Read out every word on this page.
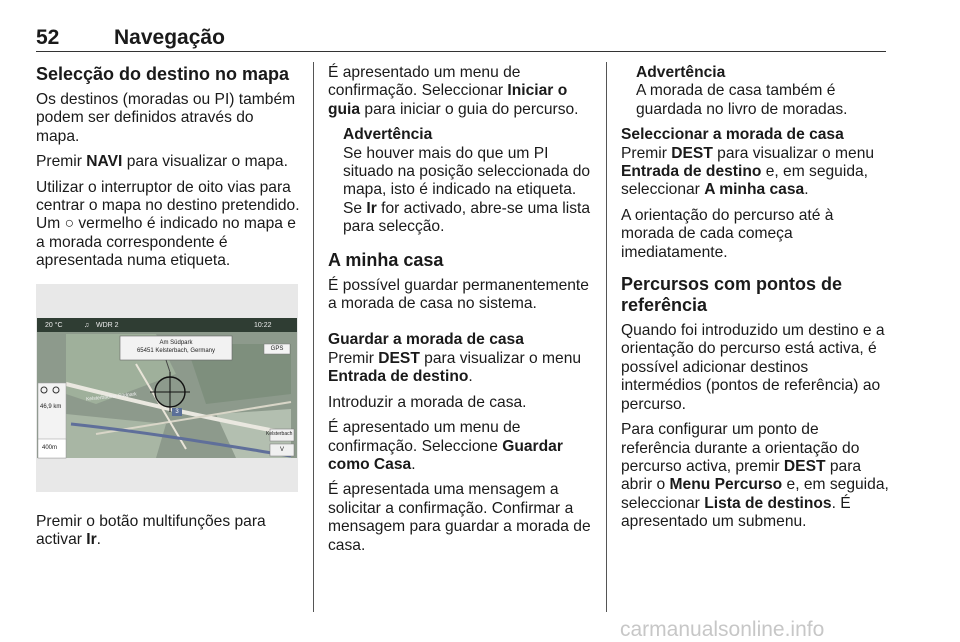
52	Navegação
Selecção do destino no mapa

Os destinos (moradas ou PI) também podem ser definidos através do mapa.

Premir NAVI para visualizar o mapa.

Utilizar o interruptor de oito vias para centrar o mapa no destino pretendido. Um ○ vermelho é indicado no mapa e a morada correspondente é apresentada numa etiqueta.

20 °C	♫ WDR 2	10:22
Am Südpark
65451 Kelsterbach, Germany	GPS
46,9 km
400m
Kelsterbacher Südpark
3
Kelsterbach
V

Premir o botão multifunções para activar Ir.

É apresentado um menu de confirmação. Seleccionar Iniciar o guia para iniciar o guia do percurso.

Advertência
Se houver mais do que um PI situado na posição seleccionada do mapa, isto é indicado na etiqueta. Se Ir for activado, abre-se uma lista para selecção.
A minha casa

É possível guardar permanentemente a morada de casa no sistema.

Guardar a morada de casa

Premir DEST para visualizar o menu Entrada de destino.

Introduzir a morada de casa.

É apresentado um menu de confirmação. Seleccione Guardar como Casa.

É apresentada uma mensagem a solicitar a confirmação. Confirmar a mensagem para guardar a morada de casa.

Advertência
A morada de casa também é guardada no livro de moradas.
Seleccionar a morada de casa

Premir DEST para visualizar o menu Entrada de destino e, em seguida, seleccionar A minha casa.

A orientação do percurso até à morada de cada começa imediatamente.

Percursos com pontos de referência

Quando foi introduzido um destino e a orientação do percurso está activa, é possível adicionar destinos intermédios (pontos de referência) ao percurso.

Para configurar um ponto de referência durante a orientação do percurso activa, premir DEST para abrir o Menu Percurso e, em seguida, seleccionar Lista de destinos. É apresentado um submenu.

carmanualsonline.info
